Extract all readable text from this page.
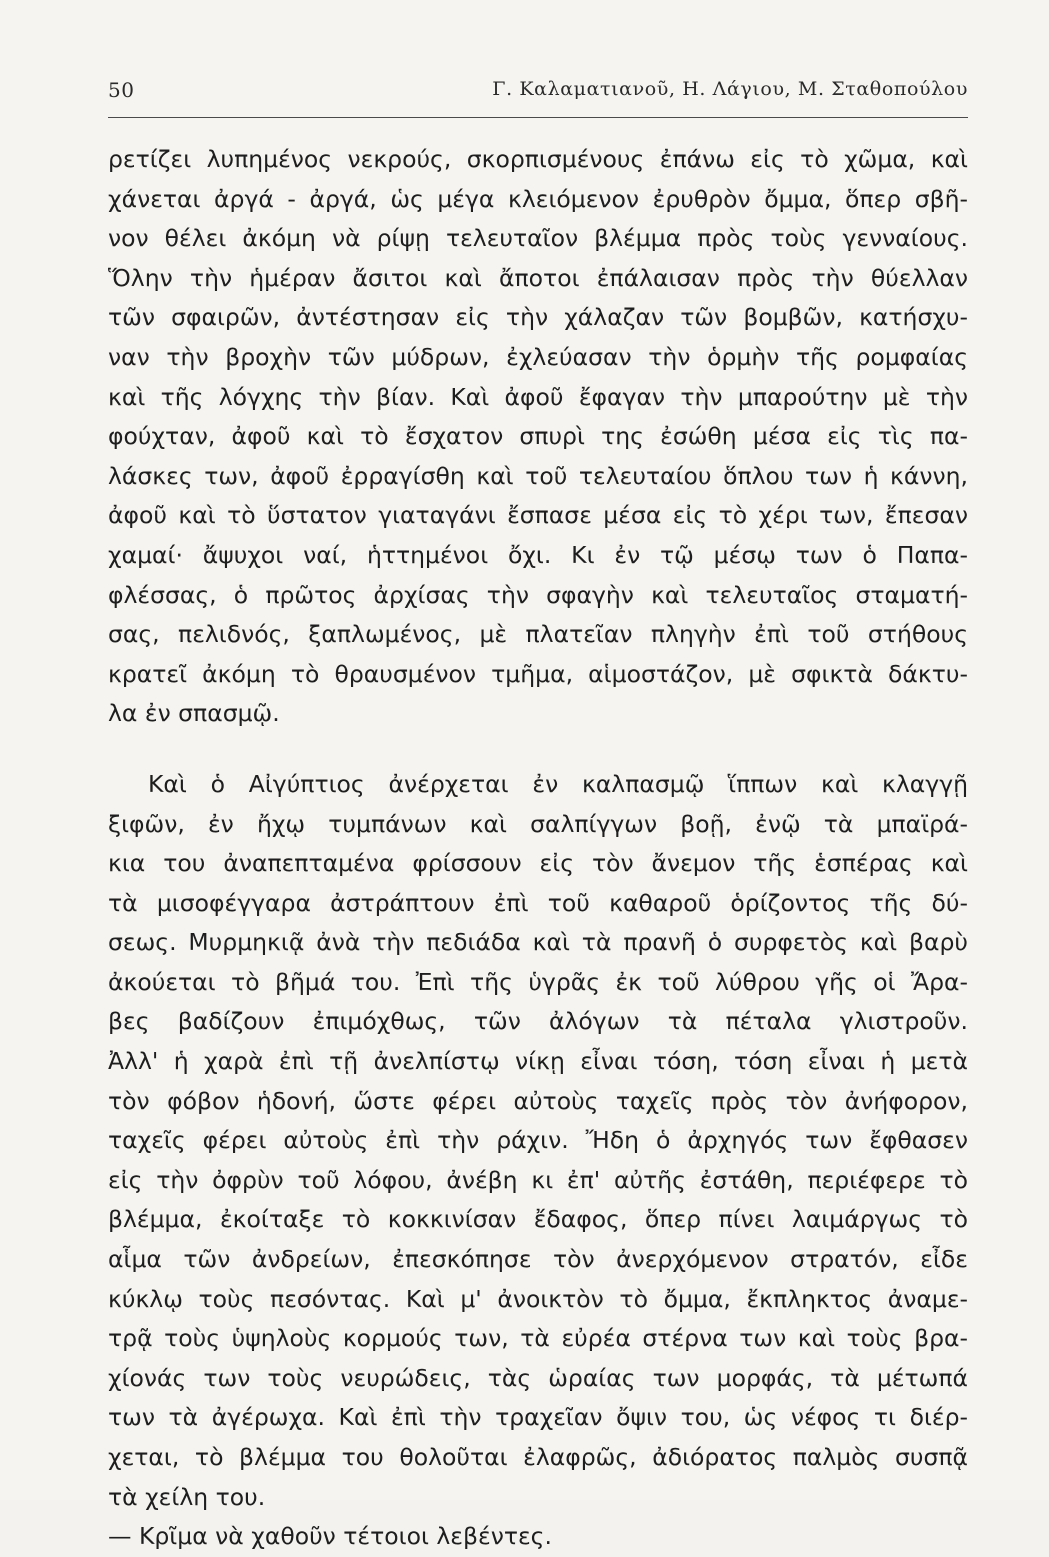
50	Γ. Καλαματιανοῦ, Η. Λάγιου, Μ. Σταθοπούλου

ρετίζει λυπημένος νεκρούς, σκορπισμένους ἐπάνω εἰς τὸ χῶμα, καὶ
χάνεται ἀργά - ἀργά, ὡς μέγα κλειόμενον ἐρυθρὸν ὄμμα, ὅπερ σβῆ-
νον θέλει ἀκόμη νὰ ρίψῃ τελευταῖον βλέμμα πρὸς τοὺς γενναίους.
Ὅλην τὴν ἡμέραν ἄσιτοι καὶ ἄποτοι ἐπάλαισαν πρὸς τὴν θύελλαν
τῶν σφαιρῶν, ἀντέστησαν εἰς τὴν χάλαζαν τῶν βομβῶν, κατήσχυ-
ναν τὴν βροχὴν τῶν μύδρων, ἐχλεύασαν τὴν ὁρμὴν τῆς ρομφαίας
καὶ τῆς λόγχης τὴν βίαν. Καὶ ἀφοῦ ἔφαγαν τὴν μπαρούτην μὲ τὴν
φούχταν, ἀφοῦ καὶ τὸ ἔσχατον σπυρὶ της ἐσώθη μέσα εἰς τὶς πα-
λάσκες των, ἀφοῦ ἐρραγίσθη καὶ τοῦ τελευταίου ὅπλου των ἡ κάννη,
ἀφοῦ καὶ τὸ ὕστατον γιαταγάνι ἔσπασε μέσα εἰς τὸ χέρι των, ἔπεσαν
χαμαί· ἄψυχοι ναί, ἡττημένοι ὄχι. Κι ἐν τῷ μέσῳ των ὁ Παπα-
φλέσσας, ὁ πρῶτος ἀρχίσας τὴν σφαγὴν καὶ τελευταῖος σταματή-
σας, πελιδνός, ξαπλωμένος, μὲ πλατεῖαν πληγὴν ἐπὶ τοῦ στήθους
κρατεῖ ἀκόμη τὸ θραυσμένον τμῆμα, αἱμοστάζον, μὲ σφικτὰ δάκτυ-
λα ἐν σπασμῷ.

Καὶ ὁ Αἰγύπτιος ἀνέρχεται ἐν καλπασμῷ ἵππων καὶ κλαγγῇ
ξιφῶν, ἐν ἤχῳ τυμπάνων καὶ σαλπίγγων βοῇ, ἐνῷ τὰ μπαϊρά-
κια του ἀναπεπταμένα φρίσσουν εἰς τὸν ἄνεμον τῆς ἑσπέρας καὶ
τὰ μισοφέγγαρα ἀστράπτουν ἐπὶ τοῦ καθαροῦ ὁρίζοντος τῆς δύ-
σεως. Μυρμηκιᾷ ἀνὰ τὴν πεδιάδα καὶ τὰ πρανῆ ὁ συρφετὸς καὶ βαρὺ
ἀκούεται τὸ βῆμά του. Ἐπὶ τῆς ὑγρᾶς ἐκ τοῦ λύθρου γῆς οἱ Ἄρα-
βες βαδίζουν ἐπιμόχθως, τῶν ἀλόγων τὰ πέταλα γλιστροῦν.
Ἀλλ' ἡ χαρὰ ἐπὶ τῇ ἀνελπίστῳ νίκῃ εἶναι τόση, τόση εἶναι ἡ μετὰ
τὸν φόβον ἡδονή, ὥστε φέρει αὐτοὺς ταχεῖς πρὸς τὸν ἀνήφορον,
ταχεῖς φέρει αὐτοὺς ἐπὶ τὴν ράχιν. Ἤδη ὁ ἀρχηγός των ἔφθασεν
εἰς τὴν ὀφρὺν τοῦ λόφου, ἀνέβη κι ἐπ' αὐτῆς ἐστάθη, περιέφερε τὸ
βλέμμα, ἐκοίταξε τὸ κοκκινίσαν ἔδαφος, ὅπερ πίνει λαιμάργως τὸ
αἷμα τῶν ἀνδρείων, ἐπεσκόπησε τὸν ἀνερχόμενον στρατόν, εἶδε
κύκλῳ τοὺς πεσόντας. Καὶ μ' ἀνοικτὸν τὸ ὄμμα, ἔκπληκτος ἀναμε-
τρᾷ τοὺς ὑψηλοὺς κορμούς των, τὰ εὐρέα στέρνα των καὶ τοὺς βρα-
χίονάς των τοὺς νευρώδεις, τὰς ὡραίας των μορφάς, τὰ μέτωπά
των τὰ ἀγέρωχα. Καὶ ἐπὶ τὴν τραχεῖαν ὄψιν του, ὡς νέφος τι διέρ-
χεται, τὸ βλέμμα του θολοῦται ἐλαφρῶς, ἀδιόρατος παλμὸς συσπᾷ
τὰ χείλη του.

— Κρῖμα νὰ χαθοῦν τέτοιοι λεβέντες.
